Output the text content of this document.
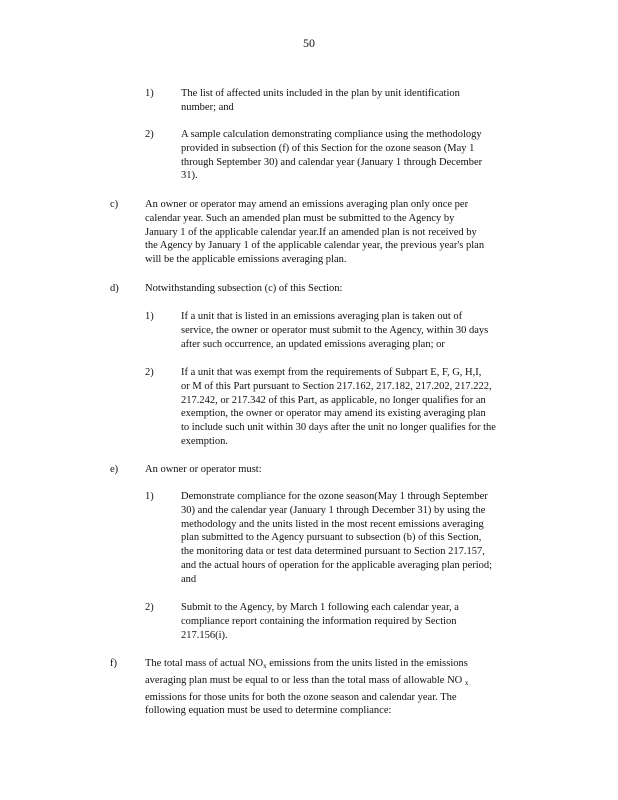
50
1)	The list of affected units included in the plan by unit identification
number; and
2)	A sample calculation demonstrating compliance using the methodology
provided in subsection (f) of this Section for the ozone season (May 1
through September 30) and calendar year (January 1 through December
31).
c)	An owner or operator may amend an emissions averaging plan only once per
calendar year. Such an amended plan must be submitted to the Agency by
January 1 of the applicable calendar year.If an amended plan is not received by
the Agency by January 1 of the applicable calendar year, the previous year's plan
will be the applicable emissions averaging plan.
d)	Notwithstanding subsection (c) of this Section:
1)	If a unit that is listed in an emissions averaging plan is taken out of
service, the owner or operator must submit to the Agency, within 30 days
after such occurrence, an updated emissions averaging plan; or
2)	If a unit that was exempt from the requirements of Subpart E, F, G, H,I,
or M of this Part pursuant to Section 217.162, 217.182, 217.202, 217.222,
217.242, or 217.342 of this Part, as applicable, no longer qualifies for an
exemption, the owner or operator may amend its existing averaging plan
to include such unit within 30 days after the unit no longer qualifies for the
exemption.
e)	An owner or operator must:
1)	Demonstrate compliance for the ozone season(May 1 through September
30) and the calendar year (January 1 through December 31) by using the
methodology and the units listed in the most recent emissions averaging
plan submitted to the Agency pursuant to subsection (b) of this Section,
the monitoring data or test data determined pursuant to Section 217.157,
and the actual hours of operation for the applicable averaging plan period;
and
2)	Submit to the Agency, by March 1 following each calendar year, a
compliance report containing the information required by Section
217.156(i).
f)	The total mass of actual $NO_x$ emissions from the units listed in the emissions
averaging plan must be equal to or less than the total mass of allowable NO $_x$
emissions for those units for both the ozone season and calendar year. The
following equation must be used to determine compliance:
